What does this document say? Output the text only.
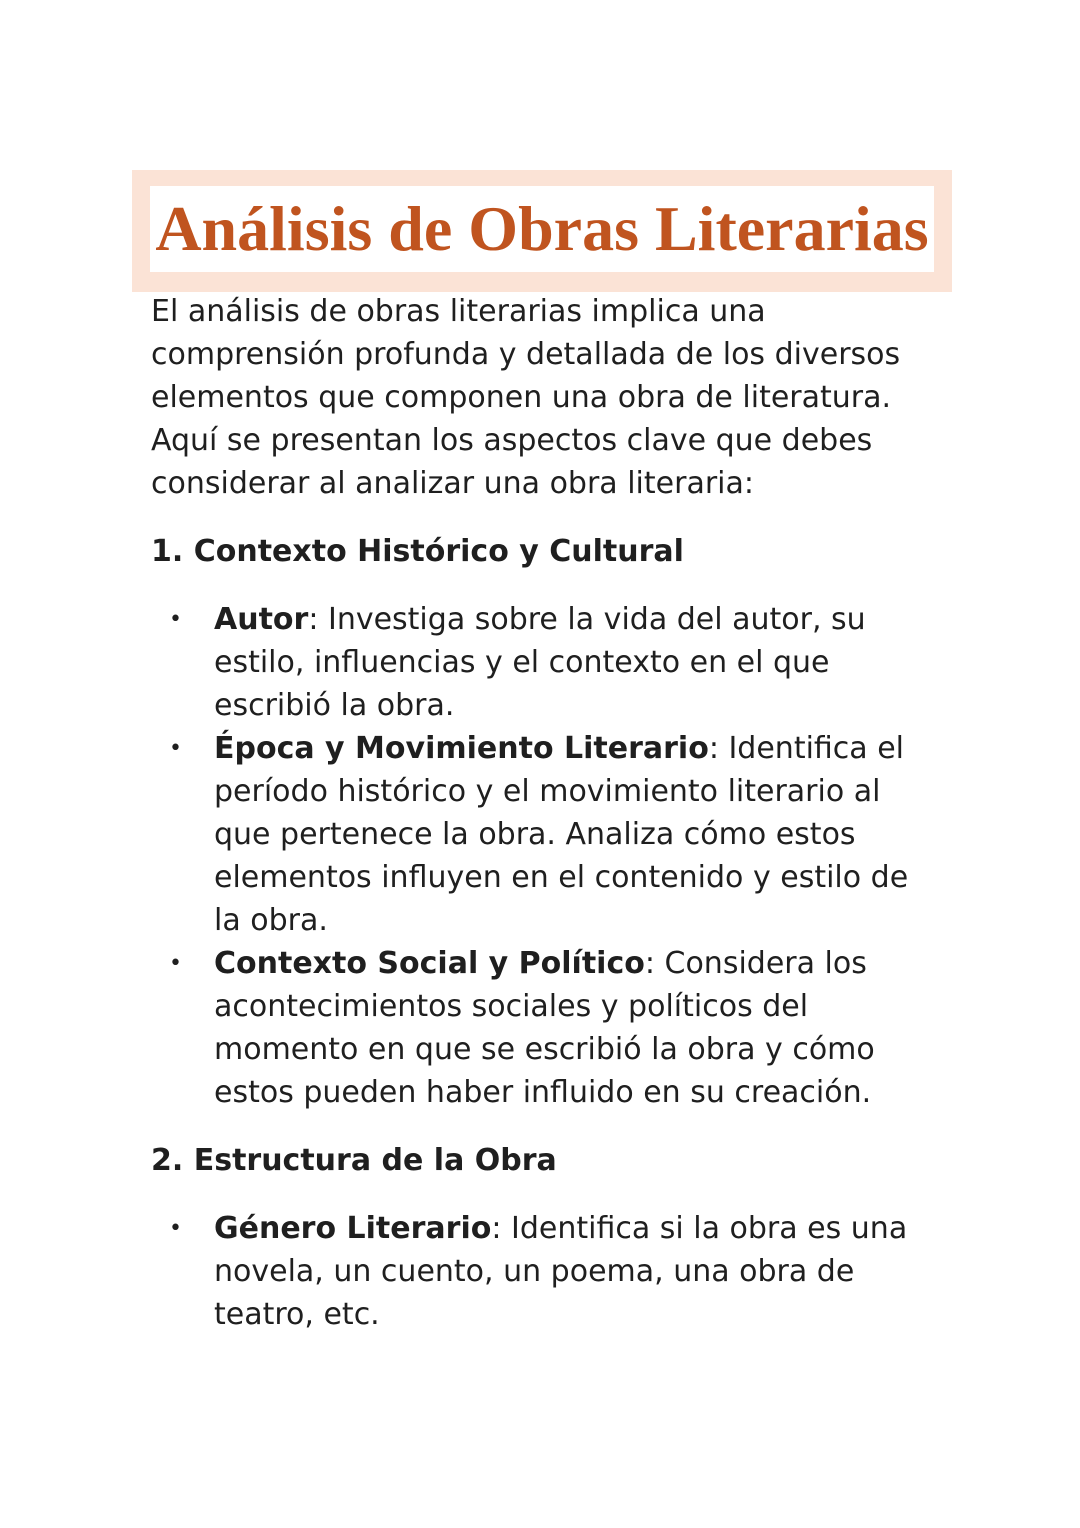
Análisis de Obras Literarias

El análisis de obras literarias implica una comprensión profunda y detallada de los diversos elementos que componen una obra de literatura. Aquí se presentan los aspectos clave que debes considerar al analizar una obra literaria:

1. Contexto Histórico y Cultural
• Autor: Investiga sobre la vida del autor, su estilo, influencias y el contexto en el que escribió la obra.
• Época y Movimiento Literario: Identifica el período histórico y el movimiento literario al que pertenece la obra. Analiza cómo estos elementos influyen en el contenido y estilo de la obra.
• Contexto Social y Político: Considera los acontecimientos sociales y políticos del momento en que se escribió la obra y cómo estos pueden haber influido en su creación.
2. Estructura de la Obra
• Género Literario: Identifica si la obra es una novela, un cuento, un poema, una obra de teatro, etc.
